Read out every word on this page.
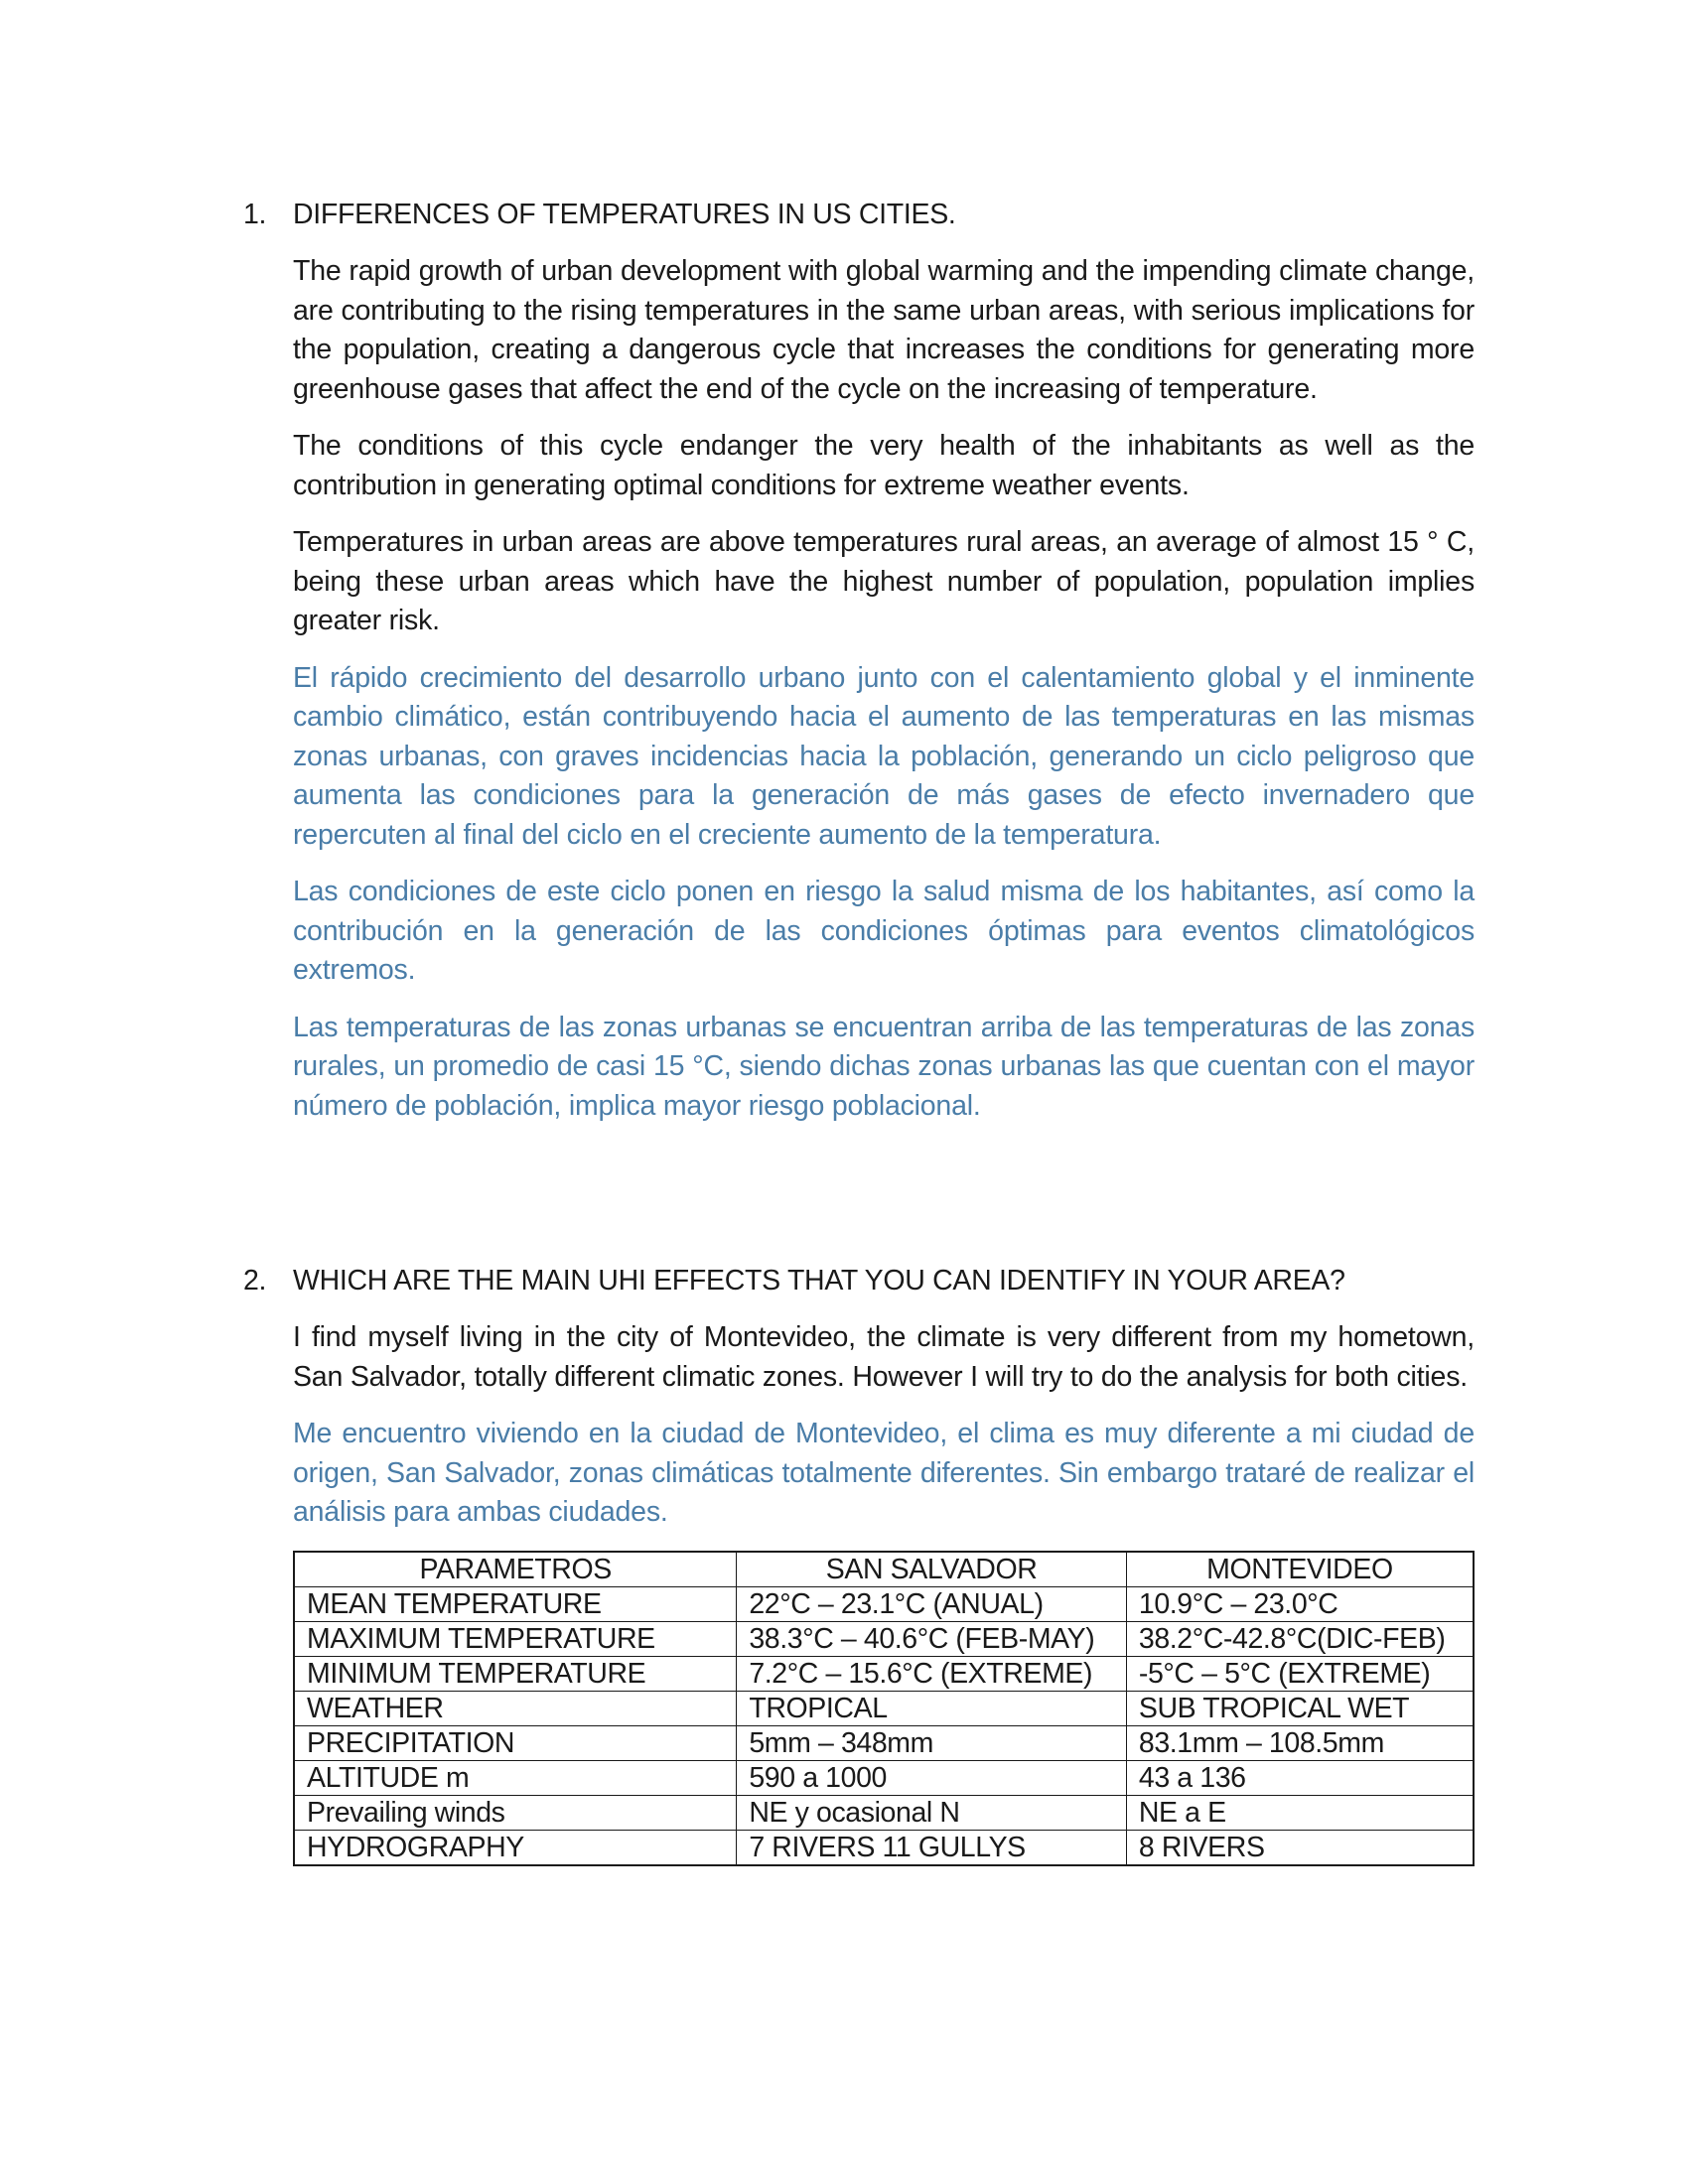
1. DIFFERENCES OF TEMPERATURES IN US CITIES.

The rapid growth of urban development with global warming and the impending climate change, are contributing to the rising temperatures in the same urban areas, with serious implications for the population, creating a dangerous cycle that increases the conditions for generating more greenhouse gases that affect the end of the cycle on the increasing of temperature.

The conditions of this cycle endanger the very health of the inhabitants as well as the contribution in generating optimal conditions for extreme weather events.

Temperatures in urban areas are above temperatures rural areas, an average of almost 15 ° C, being these urban areas which have the highest number of population, population implies greater risk.

El rápido crecimiento del desarrollo urbano junto con el calentamiento global y el inminente cambio climático, están contribuyendo hacia el aumento de las temperaturas en las mismas zonas urbanas, con graves incidencias hacia la población, generando un ciclo peligroso que aumenta las condiciones para la generación de más gases de efecto invernadero que repercuten al final del ciclo en el creciente aumento de la temperatura.

Las condiciones de este ciclo ponen en riesgo la salud misma de los habitantes, así como la contribución en la generación de las condiciones óptimas para eventos climatológicos extremos.

Las temperaturas de las zonas urbanas se encuentran arriba de las temperaturas de las zonas rurales, un promedio de casi 15 °C, siendo dichas zonas urbanas las que cuentan con el mayor número de población, implica mayor riesgo poblacional.

2. WHICH ARE THE MAIN UHI EFFECTS THAT YOU CAN IDENTIFY IN YOUR AREA?

I find myself living in the city of Montevideo, the climate is very different from my hometown, San Salvador, totally different climatic zones. However I will try to do the analysis for both cities.

Me encuentro viviendo en la ciudad de Montevideo, el clima es muy diferente a mi ciudad de origen, San Salvador, zonas climáticas totalmente diferentes. Sin embargo trataré de realizar el análisis para ambas ciudades.

PARAMETROS	SAN SALVADOR	MONTEVIDEO
MEAN TEMPERATURE	22°C – 23.1°C (ANUAL)	10.9°C – 23.0°C
MAXIMUM TEMPERATURE	38.3°C – 40.6°C (FEB-MAY)	38.2°C-42.8°C(DIC-FEB)
MINIMUM TEMPERATURE	7.2°C – 15.6°C (EXTREME)	-5°C – 5°C (EXTREME)
WEATHER	TROPICAL	SUB TROPICAL WET
PRECIPITATION	5mm – 348mm	83.1mm – 108.5mm
ALTITUDE m	590 a 1000	43 a 136
Prevailing winds	NE y ocasional N	NE a E
HYDROGRAPHY	7 RIVERS 11 GULLYS	8 RIVERS
